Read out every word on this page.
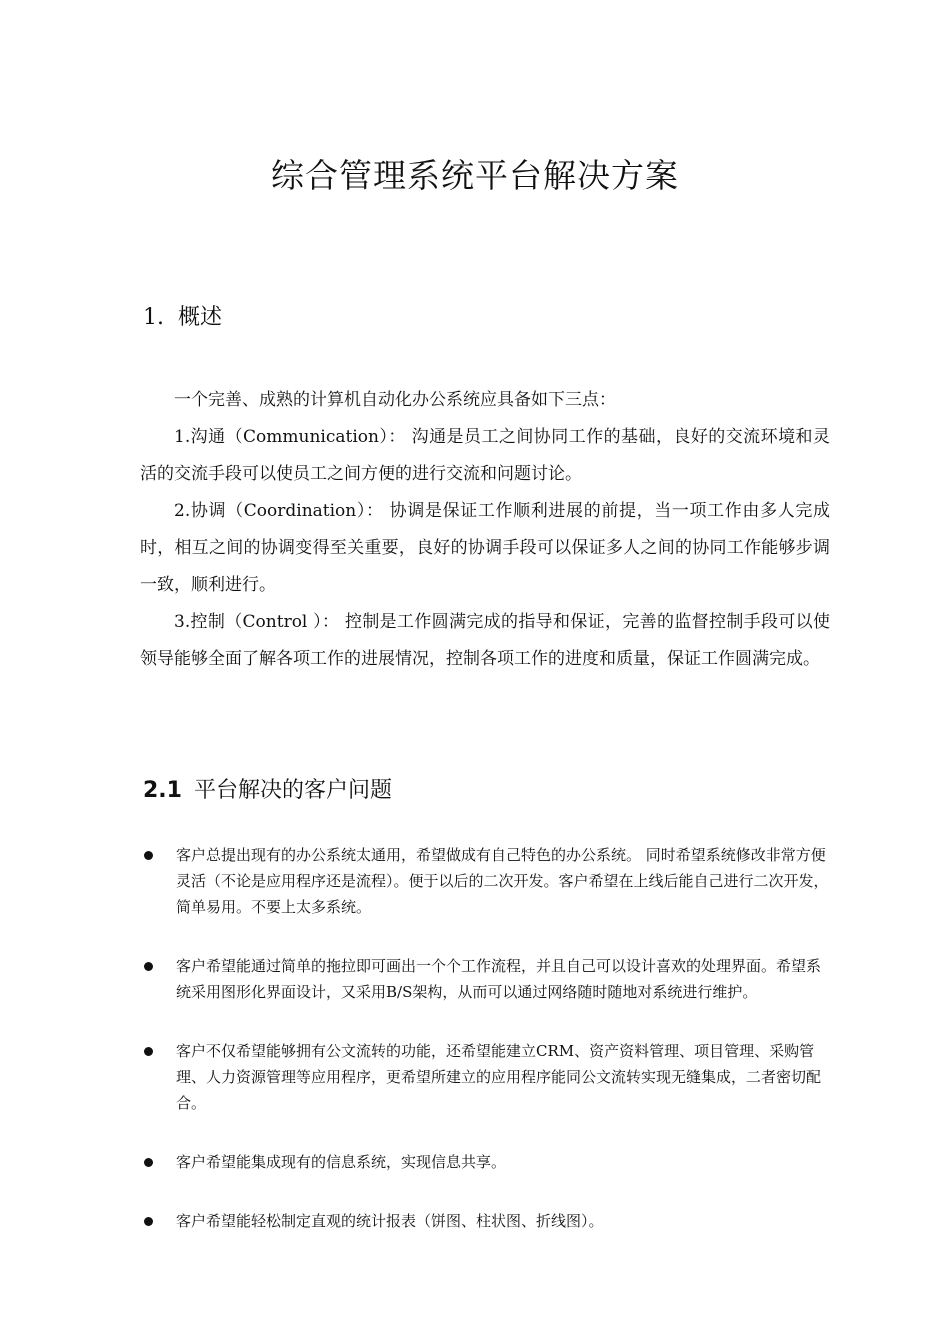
综合管理系统平台解决方案
1. 概述

一个完善、成熟的计算机自动化办公系统应具备如下三点：

1.沟通（Communication）： 沟通是员工之间协同工作的基础，良好的交流环境和灵活的交流手段可以使员工之间方便的进行交流和问题讨论。

2.协调（Coordination）： 协调是保证工作顺利进展的前提，当一项工作由多人完成时，相互之间的协调变得至关重要，良好的协调手段可以保证多人之间的协同工作能够步调一致，顺利进行。

3.控制（Control ）： 控制是工作圆满完成的指导和保证，完善的监督控制手段可以使领导能够全面了解各项工作的进展情况，控制各项工作的进度和质量，保证工作圆满完成。

2.1 平台解决的客户问题
客户总提出现有的办公系统太通用，希望做成有自己特色的办公系统。 同时希望系统修改非常方便灵活（不论是应用程序还是流程）。便于以后的二次开发。客户希望在上线后能自己进行二次开发，简单易用。不要上太多系统。
客户希望能通过简单的拖拉即可画出一个个工作流程，并且自己可以设计喜欢的处理界面。希望系统采用图形化界面设计，又采用B/S架构，从而可以通过网络随时随地对系统进行维护。
客户不仅希望能够拥有公文流转的功能，还希望能建立CRM、资产资料管理、项目管理、采购管理、人力资源管理等应用程序，更希望所建立的应用程序能同公文流转实现无缝集成，二者密切配合。
客户希望能集成现有的信息系统，实现信息共享。
客户希望能轻松制定直观的统计报表（饼图、柱状图、折线图）。
